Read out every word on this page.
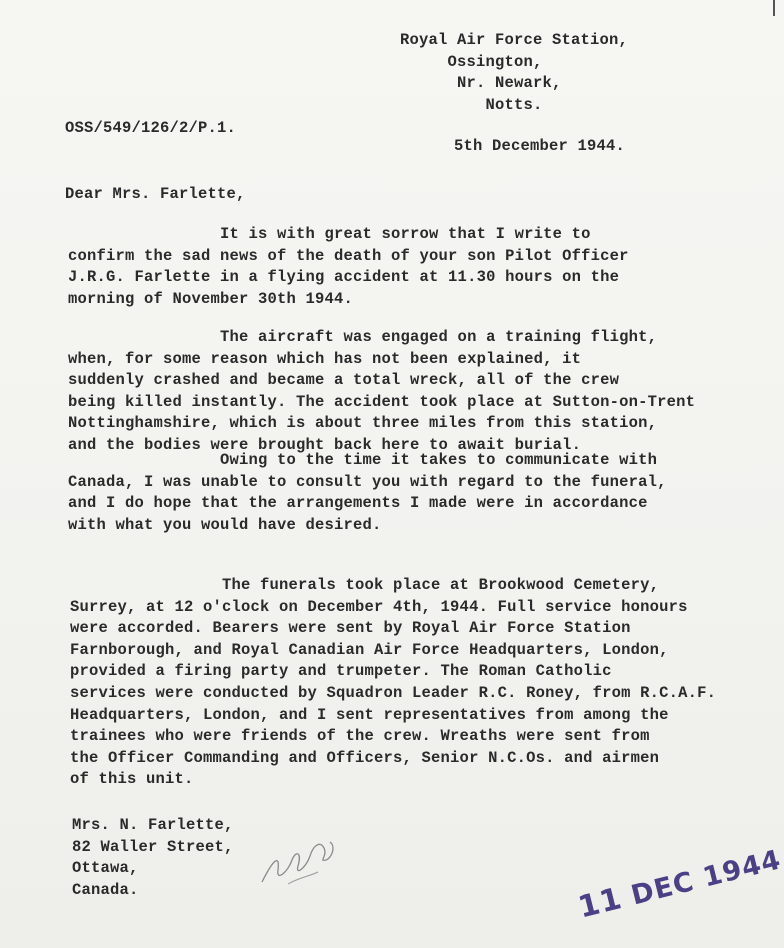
Royal Air Force Station,
Ossington,
Nr. Newark,
Notts.
OSS/549/126/2/P.1.
5th December 1944.
Dear Mrs. Farlette,
It is with great sorrow that I write to
confirm the sad news of the death of your son Pilot Officer
J.R.G. Farlette in a flying accident at 11.30 hours on the
morning of November 30th 1944.
The aircraft was engaged on a training flight,
when, for some reason which has not been explained, it
suddenly crashed and became a total wreck, all of the crew
being killed instantly. The accident took place at Sutton-on-Trent
Nottinghamshire, which is about three miles from this station,
and the bodies were brought back here to await burial.
Owing to the time it takes to communicate with
Canada, I was unable to consult you with regard to the funeral,
and I do hope that the arrangements I made were in accordance
with what you would have desired.
The funerals took place at Brookwood Cemetery,
Surrey, at 12 o'clock on December 4th, 1944. Full service honours
were accorded. Bearers were sent by Royal Air Force Station
Farnborough, and Royal Canadian Air Force Headquarters, London,
provided a firing party and trumpeter. The Roman Catholic
services were conducted by Squadron Leader R.C. Roney, from R.C.A.F.
Headquarters, London, and I sent representatives from among the
trainees who were friends of the crew. Wreaths were sent from
the Officer Commanding and Officers, Senior N.C.Os. and airmen
of this unit.
Mrs. N. Farlette,
82 Waller Street,
Ottawa,
Canada.	11 DEC 1944
